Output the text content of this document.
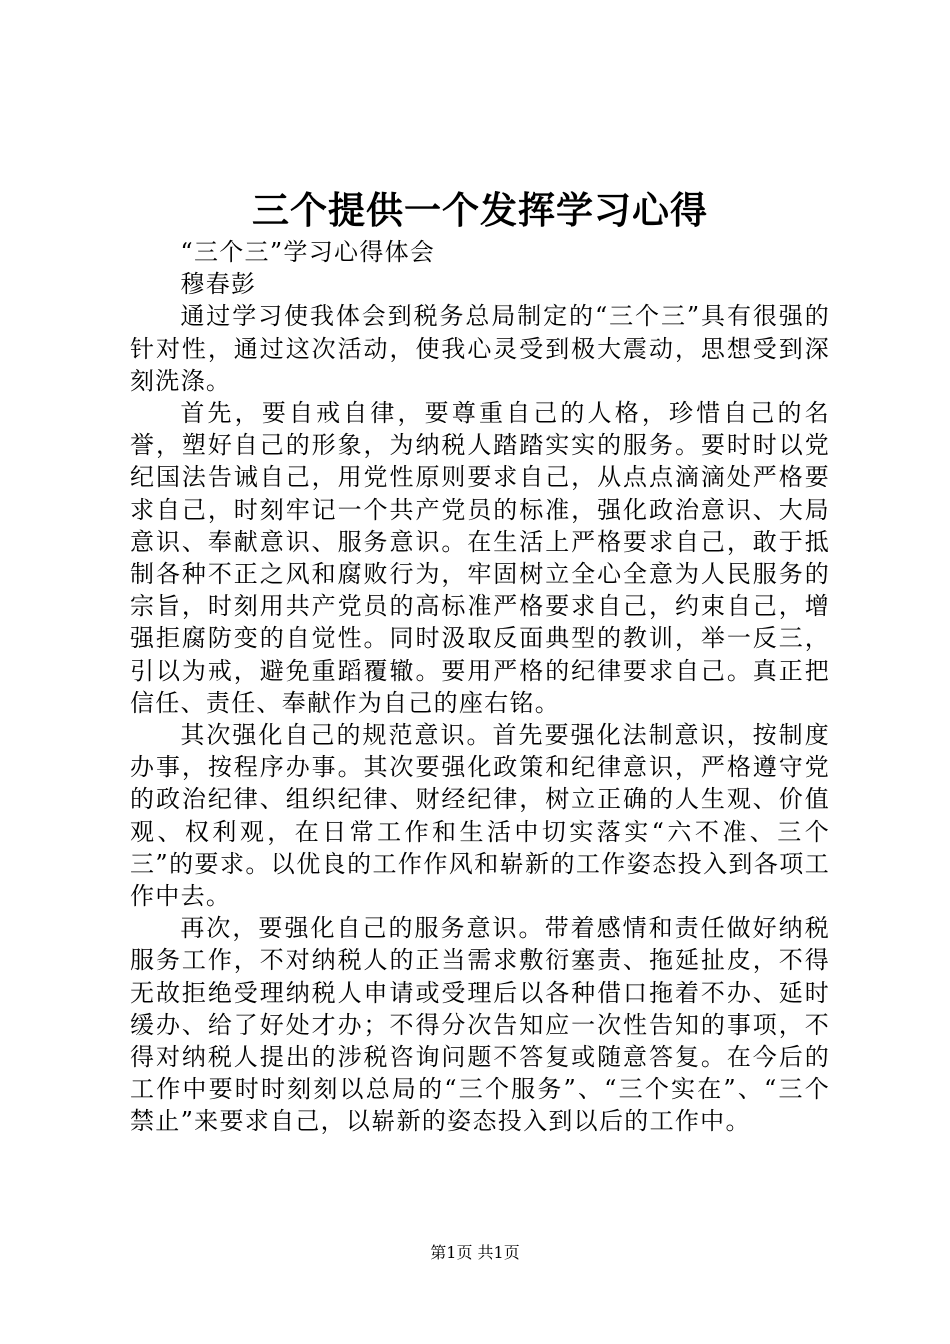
三个提供一个发挥学习心得

“三个三”学习心得体会

穆春彭

通过学习使我体会到税务总局制定的“三个三”具有很强的针对性，通过这次活动，使我心灵受到极大震动，思想受到深刻洗涤。

首先，要自戒自律，要尊重自己的人格，珍惜自己的名誉，塑好自己的形象，为纳税人踏踏实实的服务。要时时以党纪国法告诫自己，用党性原则要求自己，从点点滴滴处严格要求自己，时刻牢记一个共产党员的标准，强化政治意识、大局意识、奉献意识、服务意识。在生活上严格要求自己，敢于抵制各种不正之风和腐败行为，牢固树立全心全意为人民服务的宗旨，时刻用共产党员的高标准严格要求自己，约束自己，增强拒腐防变的自觉性。同时汲取反面典型的教训，举一反三，引以为戒，避免重蹈覆辙。要用严格的纪律要求自己。真正把信任、责任、奉献作为自己的座右铭。

其次强化自己的规范意识。首先要强化法制意识，按制度办事，按程序办事。其次要强化政策和纪律意识，严格遵守党的政治纪律、组织纪律、财经纪律，树立正确的人生观、价值观、权利观，在日常工作和生活中切实落实“六不准、三个三”的要求。以优良的工作作风和崭新的工作姿态投入到各项工作中去。

再次，要强化自己的服务意识。带着感情和责任做好纳税服务工作，不对纳税人的正当需求敷衍塞责、拖延扯皮，不得无故拒绝受理纳税人申请或受理后以各种借口拖着不办、延时缓办、给了好处才办；不得分次告知应一次性告知的事项，不得对纳税人提出的涉税咨询问题不答复或随意答复。在今后的工作中要时时刻刻以总局的“三个服务”、“三个实在”、“三个禁止”来要求自己，以崭新的姿态投入到以后的工作中。

第1页 共1页
